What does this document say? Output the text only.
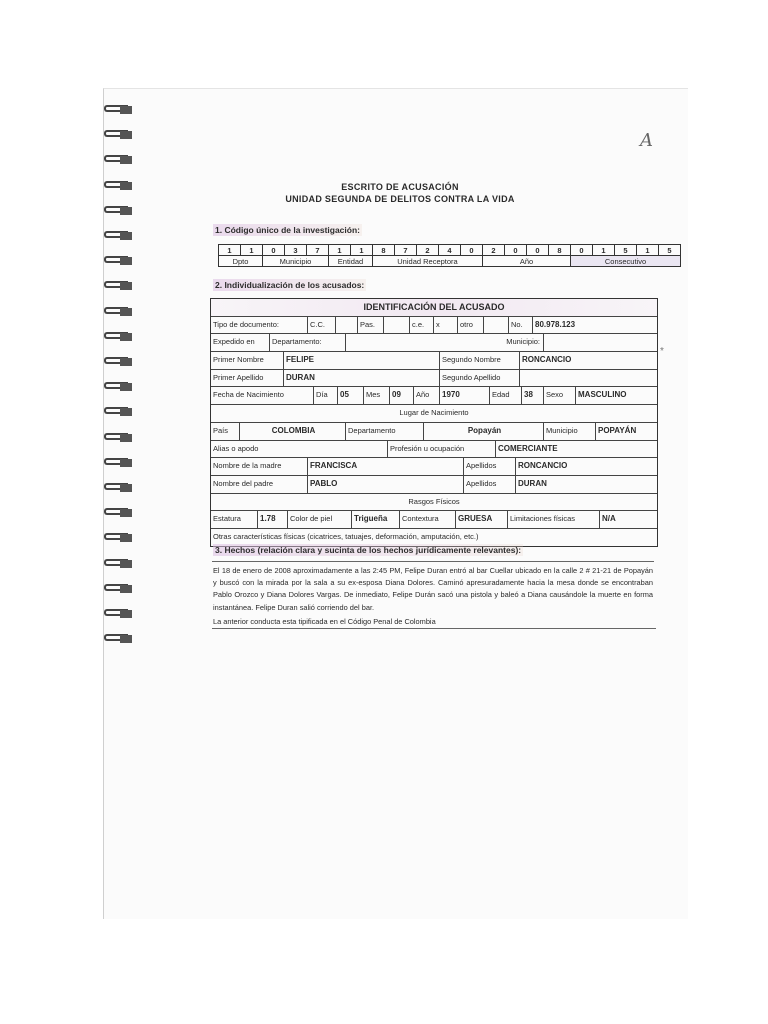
A
*
ESCRITO DE ACUSACIÓN
UNIDAD SEGUNDA DE DELITOS CONTRA LA VIDA
1. Código único de la investigación:
1	1	0	3	7	1	1	8	7	2	4	0	2	0	0	8	0	1	5	1	5
Dpto		Municipio			Entidad		Unidad Receptora					Año				Consecutivo				
2. Individualización de los acusados:
IDENTIFICACIÓN DEL ACUSADO
Tipo de documento:	C.C.	Pas.	c.e.	x	otro	No.	80.978.123
Expedido en	Departamento:	Municipio:
Primer Nombre	FELIPE	Segundo Nombre	RONCANCIO
Primer Apellido	DURAN	Segundo Apellido
Fecha de Nacimiento	Día	05	Mes	09	Año	1970	Edad	38	Sexo	MASCULINO
Lugar de Nacimiento
País	COLOMBIA	Departamento	Popayán	Municipio	POPAYÁN
Alias o apodo	Profesión u ocupación	COMERCIANTE
Nombre de la madre	FRANCISCA	Apellidos	RONCANCIO
Nombre del padre	PABLO	Apellidos	DURAN
Rasgos Físicos
Estatura	1.78	Color de piel	Trigueña	Contextura	GRUESA	Limitaciones físicas	N/A
Otras características físicas (cicatrices, tatuajes, deformación, amputación, etc.)
3. Hechos (relación clara y sucinta de los hechos jurídicamente relevantes):
El 18 de enero de 2008 aproximadamente a las 2:45 PM, Felipe Duran entró al bar Cuellar ubicado en la calle 2 # 21-21 de Popayán y buscó con la mirada por la sala a su ex-esposa Diana Dolores. Caminó apresuradamente hacia la mesa donde se encontraban Pablo Orozco y Diana Dolores Vargas. De inmediato, Felipe Durán sacó una pistola y baleó a Diana causándole la muerte en forma instantánea. Felipe Duran salió corriendo del bar.
La anterior conducta esta tipificada en el Código Penal de Colombia
